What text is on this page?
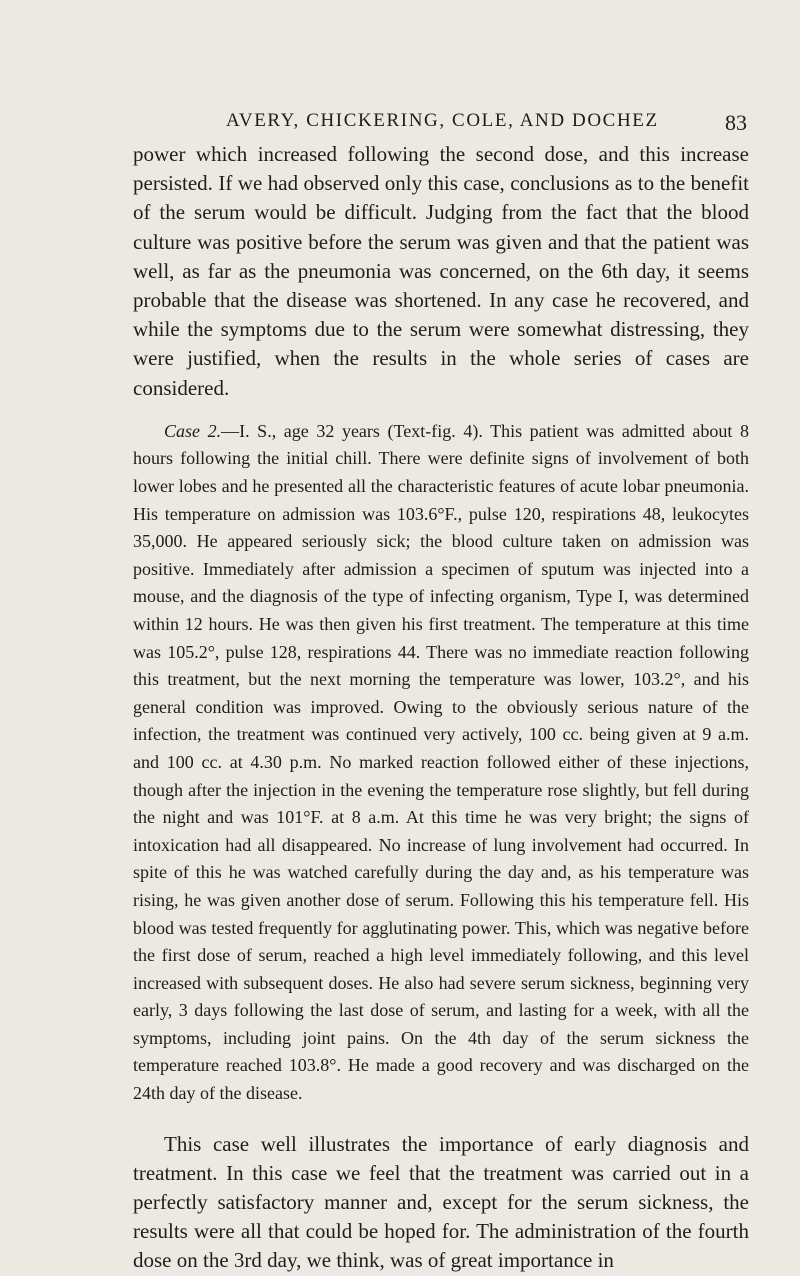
AVERY, CHICKERING, COLE, AND DOCHEZ	83

power which increased following the second dose, and this increase persisted. If we had observed only this case, conclusions as to the benefit of the serum would be difficult. Judging from the fact that the blood culture was positive before the serum was given and that the patient was well, as far as the pneumonia was concerned, on the 6th day, it seems probable that the disease was shortened. In any case he recovered, and while the symptoms due to the serum were somewhat distressing, they were justified, when the results in the whole series of cases are considered.

Case 2.—I. S., age 32 years (Text-fig. 4). This patient was admitted about 8 hours following the initial chill. There were definite signs of involvement of both lower lobes and he presented all the characteristic features of acute lobar pneumonia. His temperature on admission was 103.6°F., pulse 120, respirations 48, leukocytes 35,000. He appeared seriously sick; the blood culture taken on admission was positive. Immediately after admission a specimen of sputum was injected into a mouse, and the diagnosis of the type of infecting organism, Type I, was determined within 12 hours. He was then given his first treatment. The temperature at this time was 105.2°, pulse 128, respirations 44. There was no immediate reaction following this treatment, but the next morning the temperature was lower, 103.2°, and his general condition was improved. Owing to the obviously serious nature of the infection, the treatment was continued very actively, 100 cc. being given at 9 a.m. and 100 cc. at 4.30 p.m. No marked reaction followed either of these injections, though after the injection in the evening the temperature rose slightly, but fell during the night and was 101°F. at 8 a.m. At this time he was very bright; the signs of intoxication had all disappeared. No increase of lung involvement had occurred. In spite of this he was watched carefully during the day and, as his temperature was rising, he was given another dose of serum. Following this his temperature fell. His blood was tested frequently for agglutinating power. This, which was negative before the first dose of serum, reached a high level immediately following, and this level increased with subsequent doses. He also had severe serum sickness, beginning very early, 3 days following the last dose of serum, and lasting for a week, with all the symptoms, including joint pains. On the 4th day of the serum sickness the temperature reached 103.8°. He made a good recovery and was discharged on the 24th day of the disease.

This case well illustrates the importance of early diagnosis and treatment. In this case we feel that the treatment was carried out in a perfectly satisfactory manner and, except for the serum sickness, the results were all that could be hoped for. The administration of the fourth dose on the 3rd day, we think, was of great importance in
